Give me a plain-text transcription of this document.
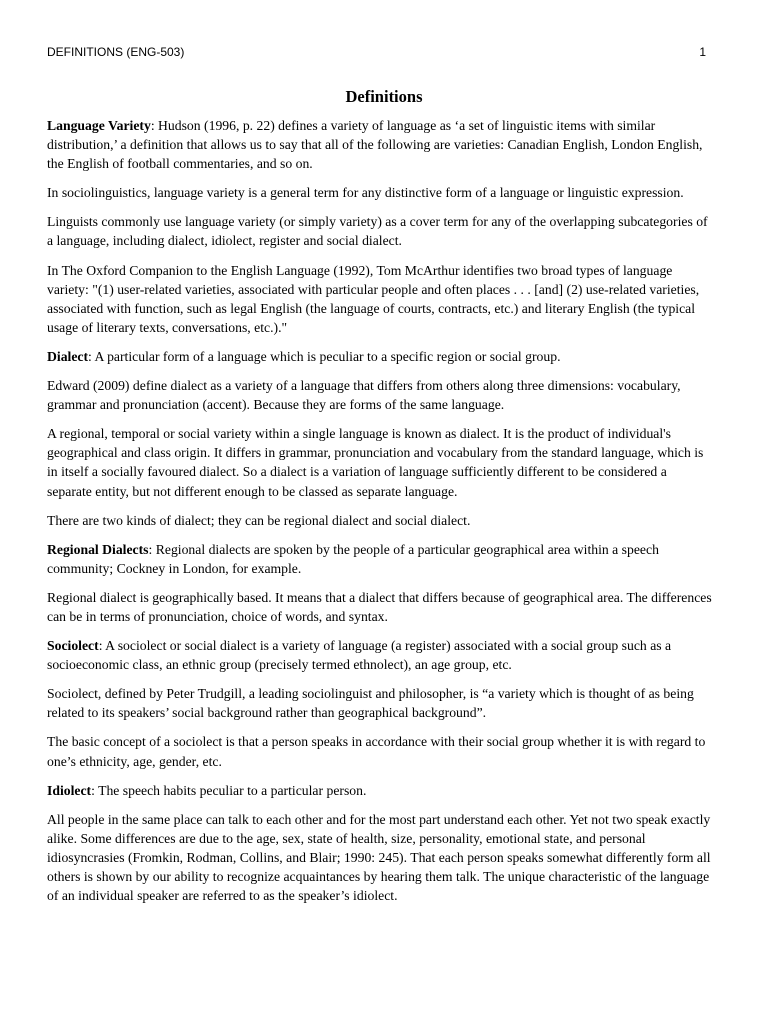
DEFINITIONS (ENG-503)	1
Definitions

Language Variety: Hudson (1996, p. 22) defines a variety of language as ‘a set of linguistic items with similar distribution,’ a definition that allows us to say that all of the following are varieties: Canadian English, London English, the English of football commentaries, and so on.

In sociolinguistics, language variety is a general term for any distinctive form of a language or linguistic expression.

Linguists commonly use language variety (or simply variety) as a cover term for any of the overlapping subcategories of a language, including dialect, idiolect, register and social dialect.

In The Oxford Companion to the English Language (1992), Tom McArthur identifies two broad types of language variety: "(1) user-related varieties, associated with particular people and often places . . . [and] (2) use-related varieties, associated with function, such as legal English (the language of courts, contracts, etc.) and literary English (the typical usage of literary texts, conversations, etc.)."

Dialect: A particular form of a language which is peculiar to a specific region or social group.

Edward (2009) define dialect as a variety of a language that differs from others along three dimensions: vocabulary, grammar and pronunciation (accent). Because they are forms of the same language.

A regional, temporal or social variety within a single language is known as dialect. It is the product of individual's geographical and class origin. It differs in grammar, pronunciation and vocabulary from the standard language, which is in itself a socially favoured dialect. So a dialect is a variation of language sufficiently different to be considered a separate entity, but not different enough to be classed as separate language.

There are two kinds of dialect; they can be regional dialect and social dialect.

Regional Dialects: Regional dialects are spoken by the people of a particular geographical area within a speech community; Cockney in London, for example.

Regional dialect is geographically based. It means that a dialect that differs because of geographical area. The differences can be in terms of pronunciation, choice of words, and syntax.

Sociolect: A sociolect or social dialect is a variety of language (a register) associated with a social group such as a socioeconomic class, an ethnic group (precisely termed ethnolect), an age group, etc.

Sociolect, defined by Peter Trudgill, a leading sociolinguist and philosopher, is “a variety which is thought of as being related to its speakers’ social background rather than geographical background”.

The basic concept of a sociolect is that a person speaks in accordance with their social group whether it is with regard to one’s ethnicity, age, gender, etc.

Idiolect: The speech habits peculiar to a particular person.

All people in the same place can talk to each other and for the most part understand each other. Yet not two speak exactly alike. Some differences are due to the age, sex, state of health, size, personality, emotional state, and personal idiosyncrasies (Fromkin, Rodman, Collins, and Blair; 1990: 245). That each person speaks somewhat differently form all others is shown by our ability to recognize acquaintances by hearing them talk. The unique characteristic of the language of an individual speaker are referred to as the speaker’s idiolect.
